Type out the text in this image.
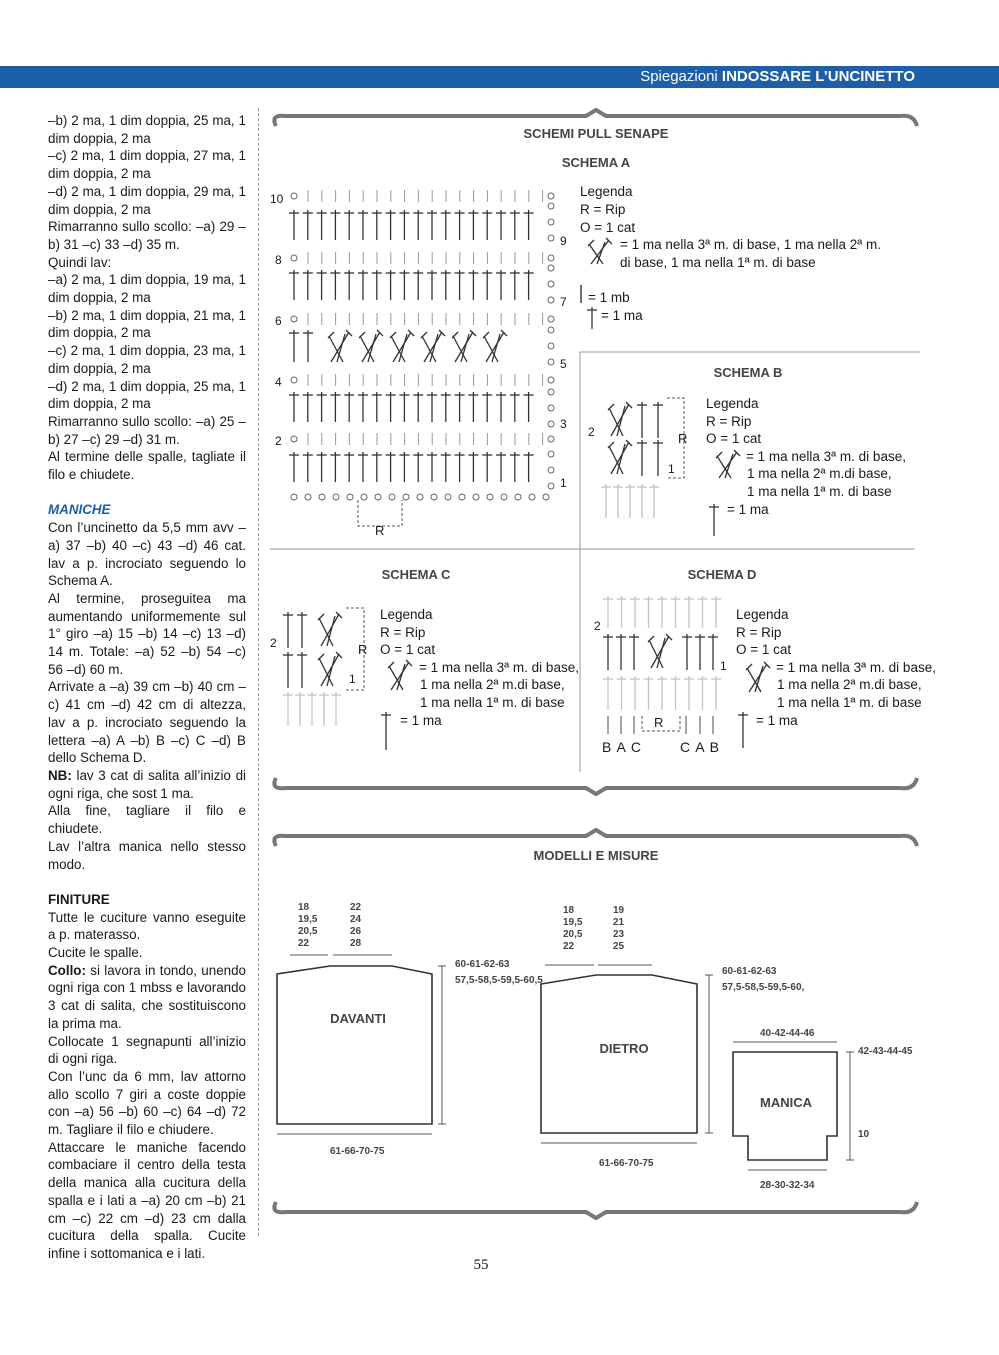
Spiegazioni INDOSSARE L’UNCINETTO

–b) 2 ma, 1 dim doppia, 25 ma, 1 dim doppia, 2 ma

–c) 2 ma, 1 dim doppia, 27 ma, 1 dim doppia, 2 ma

–d) 2 ma, 1 dim doppia, 29 ma, 1 dim doppia, 2 ma

Rimarranno sullo scollo: –a) 29 –b) 31 –c) 33 –d) 35 m.

Quindi lav:

–a) 2 ma, 1 dim doppia, 19 ma, 1 dim doppia, 2 ma

–b) 2 ma, 1 dim doppia, 21 ma, 1 dim doppia, 2 ma

–c) 2 ma, 1 dim doppia, 23 ma, 1 dim doppia, 2 ma

–d) 2 ma, 1 dim doppia, 25 ma, 1 dim doppia, 2 ma

Rimarranno sullo scollo: –a) 25 –b) 27 –c) 29 –d) 31 m.

Al termine delle spalle, tagliate il filo e chiudete.

MANICHE

Con l’uncinetto da 5,5 mm avv –a) 37 –b) 40 –c) 43 –d) 46 cat. lav a p. incrociato seguendo lo Schema A.

Al termine, proseguitea ma aumentando uniformemente sul 1° giro –a) 15 –b) 14 –c) 13 –d) 14 m. Totale: –a) 52 –b) 54 –c) 56 –d) 60 m.

Arrivate a –a) 39 cm –b) 40 cm –c) 41 cm –d) 42 cm di altezza, lav a p. incrociato seguendo la lettera –a) A –b) B –c) C –d) B dello Schema D.

NB: lav 3 cat di salita all’inizio di ogni riga, che sost 1 ma.

Alla fine, tagliare il filo e chiudete.

Lav l’altra manica nello stesso modo.

FINITURE

Tutte le cuciture vanno eseguite a p. materasso.

Cucite le spalle.

Collo: si lavora in tondo, unendo ogni riga con 1 mbss e lavorando 3 cat di salita, che sostituiscono la prima ma.

Collocate 1 segnapunti all’inizio di ogni riga.

Con l’unc da 6 mm, lav attorno allo scollo 7 giri a coste doppie con –a) 56 –b) 60 –c) 64 –d) 72 m. Tagliare il filo e chiudere.

Attaccare le maniche facendo combaciare il centro della testa della manica alla cucitura della spalla e i lati a –a) 20 cm –b) 21 cm –c) 22 cm –d) 23 cm dalla cucitura della spalla. Cucite infine i sottomanica e i lati.

SCHEMI PULL SENAPE
SCHEMA A
SCHEMA B
SCHEMA C	SCHEMA D
MODELLI E MISURE
10
8
6
4
2
9
7
5
3
1
R
Legenda
R = Rip
O = 1 cat
= 1 ma nella 3ª m. di base, 1 ma nella 2ª m.
di base, 1 ma nella 1ª m. di base
= 1 mb
= 1 ma
2
1
R
Legenda
R = Rip
O = 1 cat
= 1 ma nella 3ª m. di base,
1 ma nella 2ª m.di base,
1 ma nella 1ª m. di base
= 1 ma
2
1
R
Legenda
R = Rip
O = 1 cat
= 1 ma nella 3ª m. di base,
1 ma nella 2ª m.di base,
1 ma nella 1ª m. di base
= 1 ma
2
1
R
B A C	C A B
Legenda
R = Rip
O = 1 cat
= 1 ma nella 3ª m. di base,
1 ma nella 2ª m.di base,
1 ma nella 1ª m. di base
= 1 ma
18
19,5
20,5
22
22
24
26
28
60-61-62-63
57,5-58,5-59,5-60,5
61-66-70-75
18
19,5
20,5
22
19
21
23
25
60-61-62-63
57,5-58,5-59,5-60,
61-66-70-75
40-42-44-46
42-43-44-45
10
28-30-32-34
DAVANTI
DIETRO
MANICA
55
